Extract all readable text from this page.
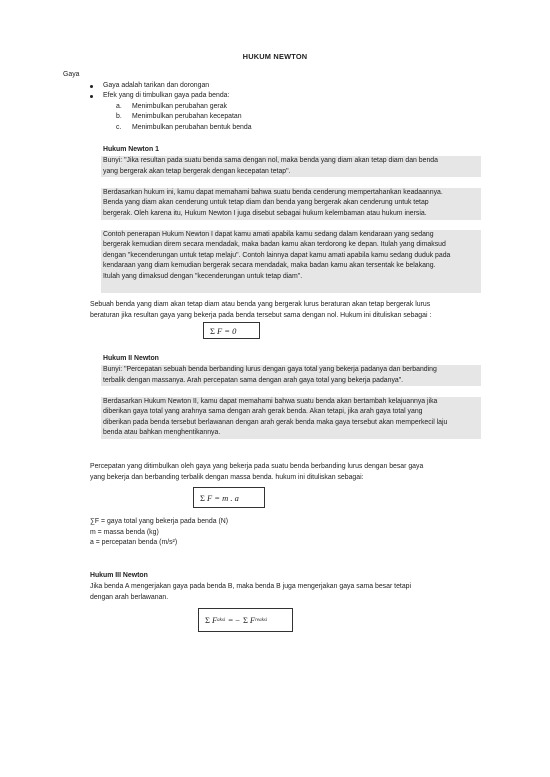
HUKUM NEWTON
Gaya
Gaya adalah tarikan dan dorongan
Efek yang di timbulkan gaya pada benda:
a. Menimbulkan perubahan gerak
b. Menimbulkan perubahan kecepatan
c. Menimbulkan perubahan bentuk benda
Hukum Newton 1
Bunyi: "Jika resultan pada suatu benda sama dengan nol, maka benda yang diam akan tetap diam dan benda
yang bergerak akan tetap bergerak dengan kecepatan tetap".

Berdasarkan hukum ini, kamu dapat memahami bahwa suatu benda cenderung mempertahankan keadaannya.
Benda yang diam akan cenderung untuk tetap diam dan benda yang bergerak akan cenderung untuk tetap
bergerak. Oleh karena itu, Hukum Newton I juga disebut sebagai hukum kelembaman atau hukum inersia.

Contoh penerapan Hukum Newton I dapat kamu amati apabila kamu sedang dalam kendaraan yang sedang
bergerak kemudian direm secara mendadak, maka badan kamu akan terdorong ke depan. Itulah yang dimaksud
dengan "kecenderungan untuk tetap melaju". Contoh lainnya dapat kamu amati apabila kamu sedang duduk pada
kendaraan yang diam kemudian bergerak secara mendadak, maka badan kamu akan tersentak ke belakang.
Itulah yang dimaksud dengan "kecenderungan untuk tetap diam".
Sebuah benda yang diam akan tetap diam atau benda yang bergerak lurus beraturan akan tetap bergerak lurus
beraturan jika resultan gaya yang bekerja pada benda tersebut sama dengan nol. Hukum ini dituliskan sebagai :
Σ F = 0
Hukum II Newton
Bunyi: "Percepatan sebuah benda berbanding lurus dengan gaya total yang bekerja padanya dan berbanding
terbalik dengan massanya. Arah percepatan sama dengan arah gaya total yang bekerja padanya".

Berdasarkan Hukum Newton II, kamu dapat memahami bahwa suatu benda akan bertambah kelajuannya jika
diberikan gaya total yang arahnya sama dengan arah gerak benda. Akan tetapi, jika arah gaya total yang
diberikan pada benda tersebut berlawanan dengan arah gerak benda maka gaya tersebut akan memperkecil laju
benda atau bahkan menghentikannya.
Percepatan yang ditimbulkan oleh gaya yang bekerja pada suatu benda berbanding lurus dengan besar gaya
yang bekerja dan berbanding terbalik dengan massa benda. hukum ini dituliskan sebagai:
Σ F = m . a
∑F = gaya total yang bekerja pada benda (N)
m = massa benda (kg)
a = percepatan benda (m/s²)
Hukum III Newton
Jika benda A mengerjakan gaya pada benda B, maka benda B juga mengerjakan gaya sama besar tetapi
dengan arah berlawanan.
Σ F aksi = − Σ F reaksi
